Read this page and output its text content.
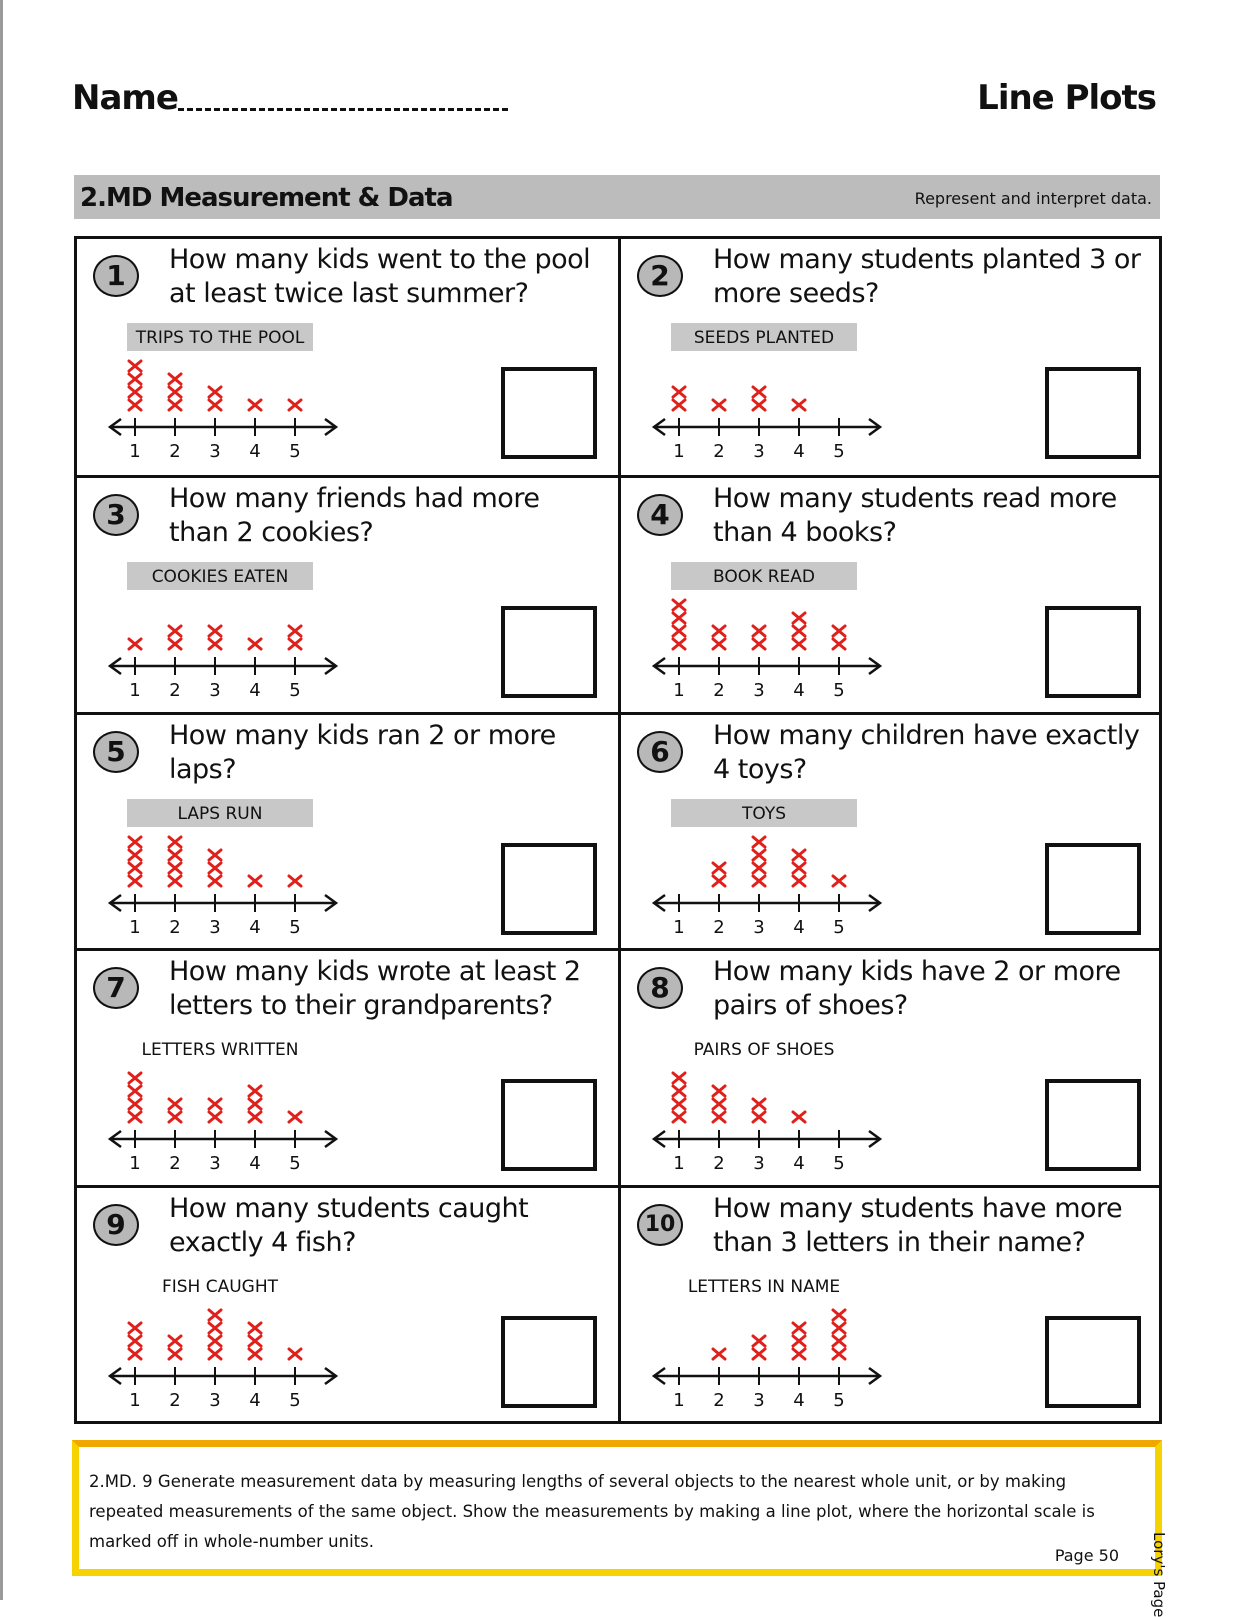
Name	Line Plots
2.MD Measurement & Data	Represent and interpret data.
1	How many kids went to the pool at least twice last summer?
TRIPS TO THE POOL
1 2 3 4 5
2	How many students planted 3 or more seeds?
SEEDS PLANTED
1 2 3 4 5
3	How many friends had more than 2 cookies?
COOKIES EATEN
1 2 3 4 5
4	How many students read more than 4 books?
BOOK READ
1 2 3 4 5
5	How many kids ran 2 or more laps?
LAPS RUN
1 2 3 4 5
6	How many children have exactly 4 toys?
TOYS
1 2 3 4 5
7	How many kids wrote at least 2 letters to their grandparents?
LETTERS WRITTEN
1 2 3 4 5
8	How many kids have 2 or more pairs of shoes?
PAIRS OF SHOES
1 2 3 4 5
9	How many students caught exactly 4 fish?
FISH CAUGHT
1 2 3 4 5
10
How many students have more than 3 letters in their name?
LETTERS IN NAME
1 2 3 4 5
2.MD. 9 Generate measurement data by measuring lengths of several objects to the nearest whole unit, or by making repeated measurements of the same object. Show the measurements by making a line plot, where the horizontal scale is marked off in whole-number units.
Page 50 Lory's Page
